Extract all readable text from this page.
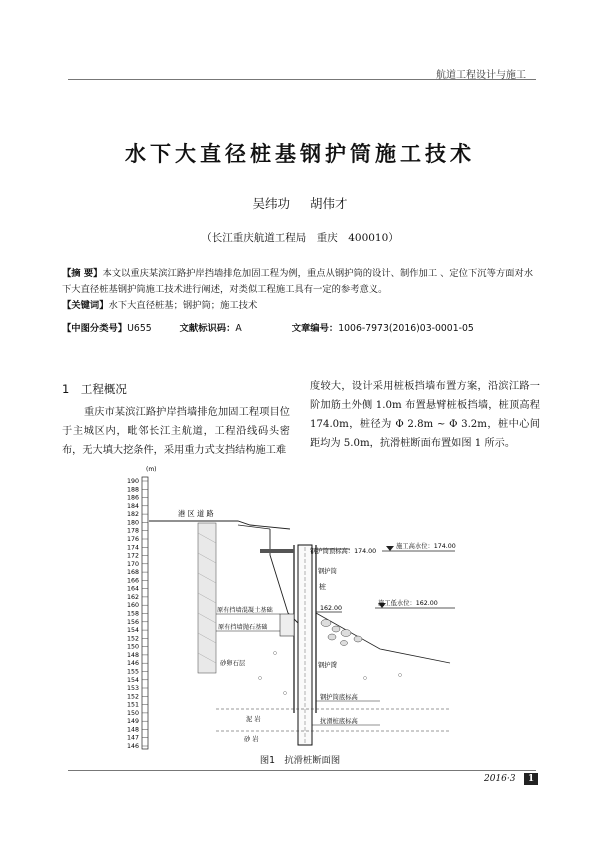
航道工程设计与施工
水下大直径桩基钢护筒施工技术
吴纬功 胡伟才
（长江重庆航道工程局　重庆　400010）
【摘 要】本文以重庆某滨江路护岸挡墙排危加固工程为例，重点从钢护筒的设计、制作加工 、定位下沉等方面对水下大直径桩基钢护筒施工技术进行阐述，对类似工程施工具有一定的参考意义。
【关键词】水下大直径桩基；钢护筒；施工技术
【中图分类号】U655	文献标识码：A	文章编号：1006-7973(2016)03-0001-05
1　工程概况
重庆市某滨江路护岸挡墙排危加固工程项目位于主城区内，毗邻长江主航道，工程沿线码头密布，无大填大挖条件，采用重力式支挡结构施工难
度较大，设计采用桩板挡墙布置方案，沿滨江路一阶加筋土外侧 1.0m 布置悬臂桩板挡墙，桩顶高程 174.0m，桩径为 Φ 2.8m ~ Φ 3.2m，桩中心间距均为 5.0m，抗滑桩断面布置如图 1 所示。
(m)
190
188
186
184
182
180
178
176
174
172
170
168
166
164
162
160
158
156
154
152
150
148
146
155
154
153
152
151
150
149
148
147
146
港 区 道 路
桩
钢护筒顶标高：174.00
施工高水位：174.00
钢护筒
施工低水位：162.00
162.00
原有挡墙混凝土基础
原有挡墙抛石基础
砂卵石层	钢护筒
泥 岩
钢护筒底标高
抗滑桩底标高
砂 岩
图1　抗滑桩断面图
2016·3	1
